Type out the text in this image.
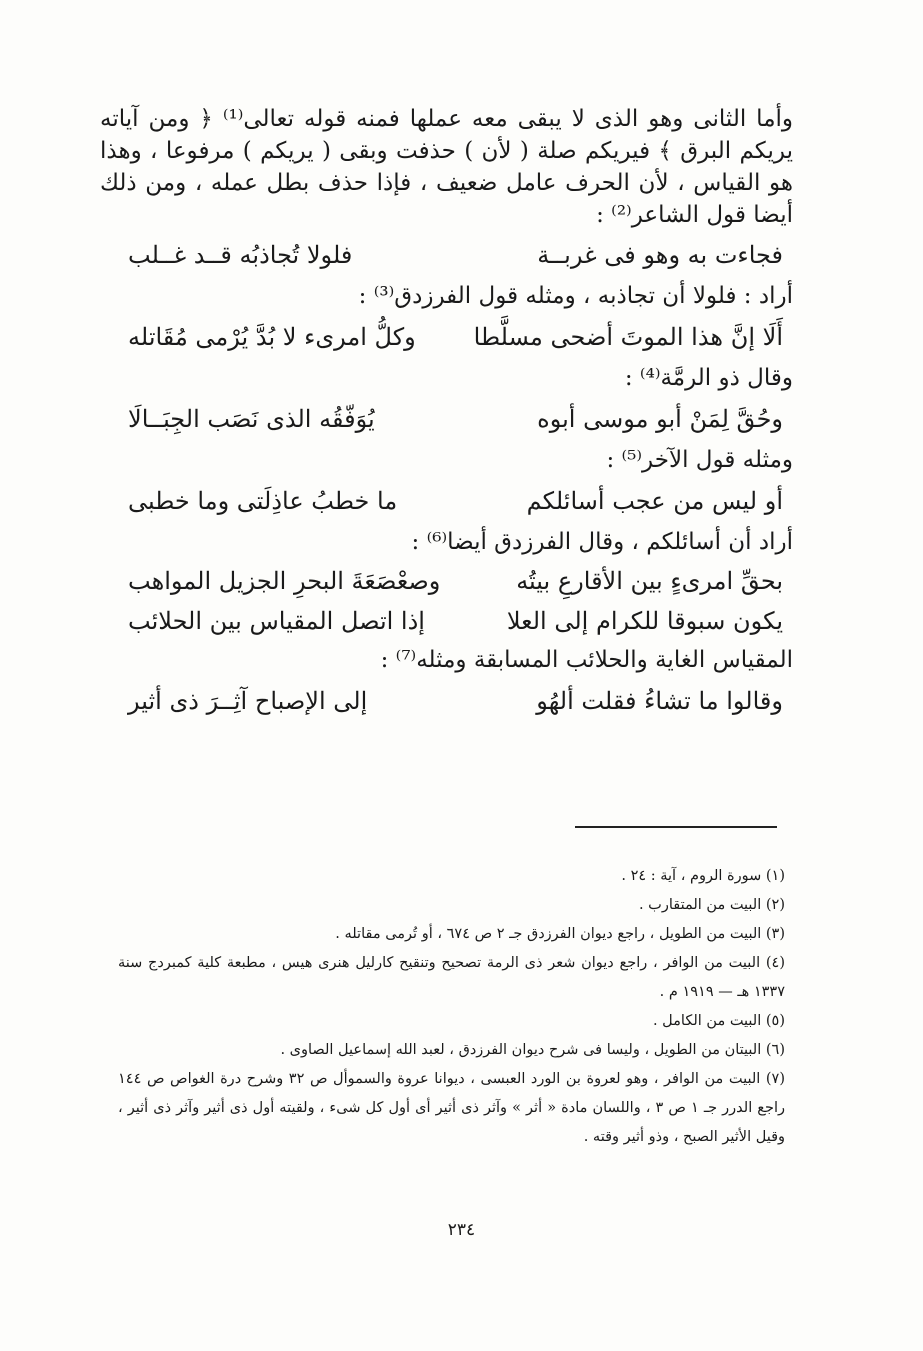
وأما الثانى وهو الذى لا يبقى معه عملها فمنه قوله تعالى⁽¹⁾ ﴿ ومن آياته يريكم البرق ﴾ فيريكم صلة ( لأن ) حذفت وبقى ( يريكم ) مرفوعا ، وهذا هو القياس ، لأن الحرف عامل ضعيف ، فإذا حذف بطل عمله ، ومن ذلك أيضا قول الشاعر⁽²⁾ :

فجاءت به وهو فى غربــة
فلولا تُجاذبُه قــد غــلب

أراد : فلولا أن تجاذبه ، ومثله قول الفرزدق⁽³⁾ :

أَلَا إنَّ هذا الموتَ أضحى مسلَّطا
وكلُّ امرىء لا بُدَّ يُرْمى مُقَاتله

وقال ذو الرمَّة⁽⁴⁾ :

وحُقَّ لِمَنْ أبو موسى أبوه
يُوَفّقُه الذى نَصَب الجِبَــالَا

ومثله قول الآخر⁽⁵⁾ :

أو ليس من عجب أسائلكم
ما خطبُ عاذِلَتى وما خطبى

أراد أن أسائلكم ، وقال الفرزدق أيضا⁽⁶⁾ :

بحقِّ امرىءٍ بين الأقارعِ بيتُه
وصعْصَعَةَ البحرِ الجزيل المواهب
يكون سبوقا للكرام إلى العلا
إذا اتصل المقياس بين الحلائب

المقياس الغاية والحلائب المسابقة ومثله⁽⁷⁾ :

وقالوا ما تشاءُ فقلت ألهُو
إلى الإصباح آثِــرَ ذى أثير

(١) سورة الروم ، آية : ٢٤ .

(٢) البيت من المتقارب .

(٣) البيت من الطويل ، راجع ديوان الفرزدق جـ ٢ ص ٦٧٤ ، أو تُرمى مقاتله .

(٤) البيت من الوافر ، راجع ديوان شعر ذى الرمة تصحيح وتنقيح كارليل هنرى هيس ، مطبعة كلية كمبردج سنة ١٣٣٧ هـ — ١٩١٩ م .

(٥) البيت من الكامل .

(٦) البيتان من الطويل ، وليسا فى شرح ديوان الفرزدق ، لعبد الله إسماعيل الصاوى .

(٧) البيت من الوافر ، وهو لعروة بن الورد العبسى ، ديوانا عروة والسموأل ص ٣٢ وشرح درة الغواص ص ١٤٤ راجع الدرر جـ ١ ص ٣ ، واللسان مادة « أثر » وآثر ذى أثير أى أول كل شىء ، ولقيته أول ذى أثير وآثر ذى أثير ، وقيل الأثير الصبح ، وذو أثير وقته .

٢٣٤
